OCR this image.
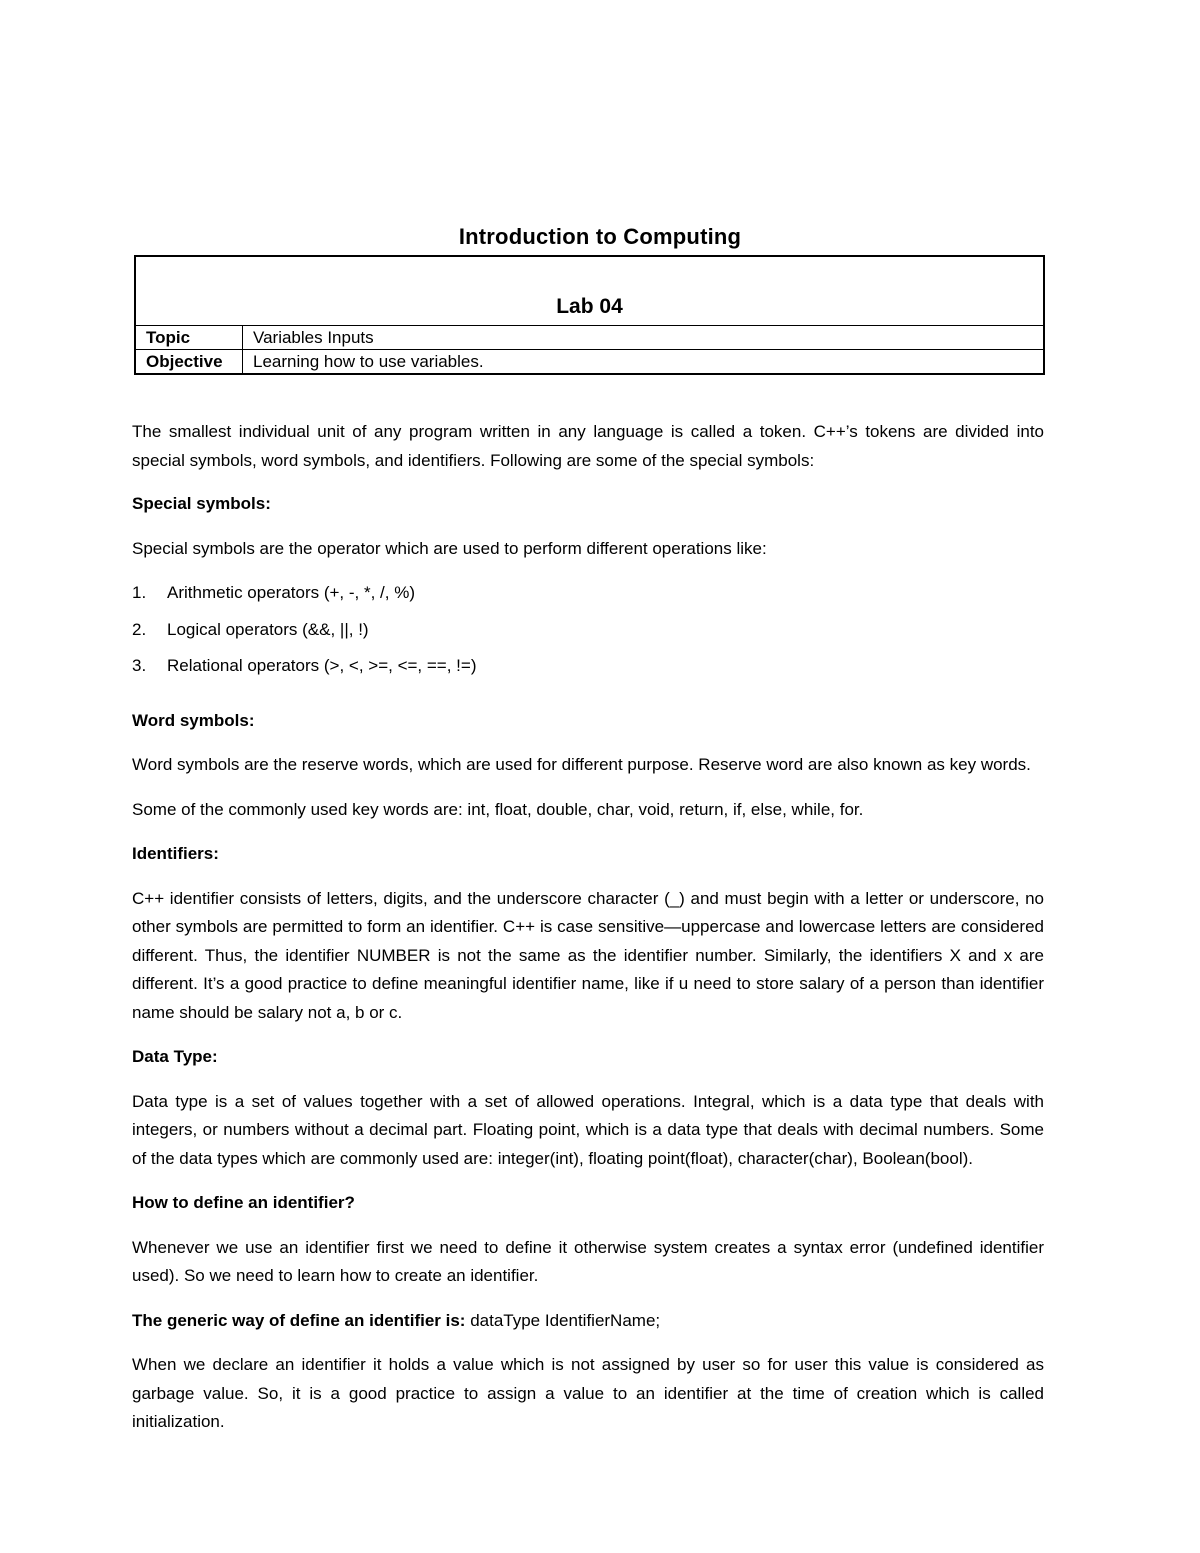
Introduction to Computing
Lab 04	
Topic	Variables Inputs
Objective	Learning how to use variables.

The smallest individual unit of any program written in any language is called a token. C++’s tokens are divided into special symbols, word symbols, and identifiers. Following are some of the special symbols:

Special symbols:

Special symbols are the operator which are used to perform different operations like:

1. Arithmetic operators (+, -, *, /, %)
2. Logical operators (&&, ||, !)
3. Relational operators (>, <, >=, <=, ==, !=)

Word symbols:

Word symbols are the reserve words, which are used for different purpose. Reserve word are also known as key words.

Some of the commonly used key words are: int, float, double, char, void, return, if, else, while, for.

Identifiers:

C++ identifier consists of letters, digits, and the underscore character (_) and must begin with a letter or underscore, no other symbols are permitted to form an identifier. C++ is case sensitive—uppercase and lowercase letters are considered different. Thus, the identifier NUMBER is not the same as the identifier number. Similarly, the identifiers X and x are different. It’s a good practice to define meaningful identifier name, like if u need to store salary of a person than identifier name should be salary not a, b or c.

Data Type:

Data type is a set of values together with a set of allowed operations. Integral, which is a data type that deals with integers, or numbers without a decimal part. Floating point, which is a data type that deals with decimal numbers. Some of the data types which are commonly used are: integer(int), floating point(float), character(char), Boolean(bool).

How to define an identifier?

Whenever we use an identifier first we need to define it otherwise system creates a syntax error (undefined identifier used). So we need to learn how to create an identifier.

The generic way of define an identifier is: dataType IdentifierName;

When we declare an identifier it holds a value which is not assigned by user so for user this value is considered as garbage value. So, it is a good practice to assign a value to an identifier at the time of creation which is called initialization.
